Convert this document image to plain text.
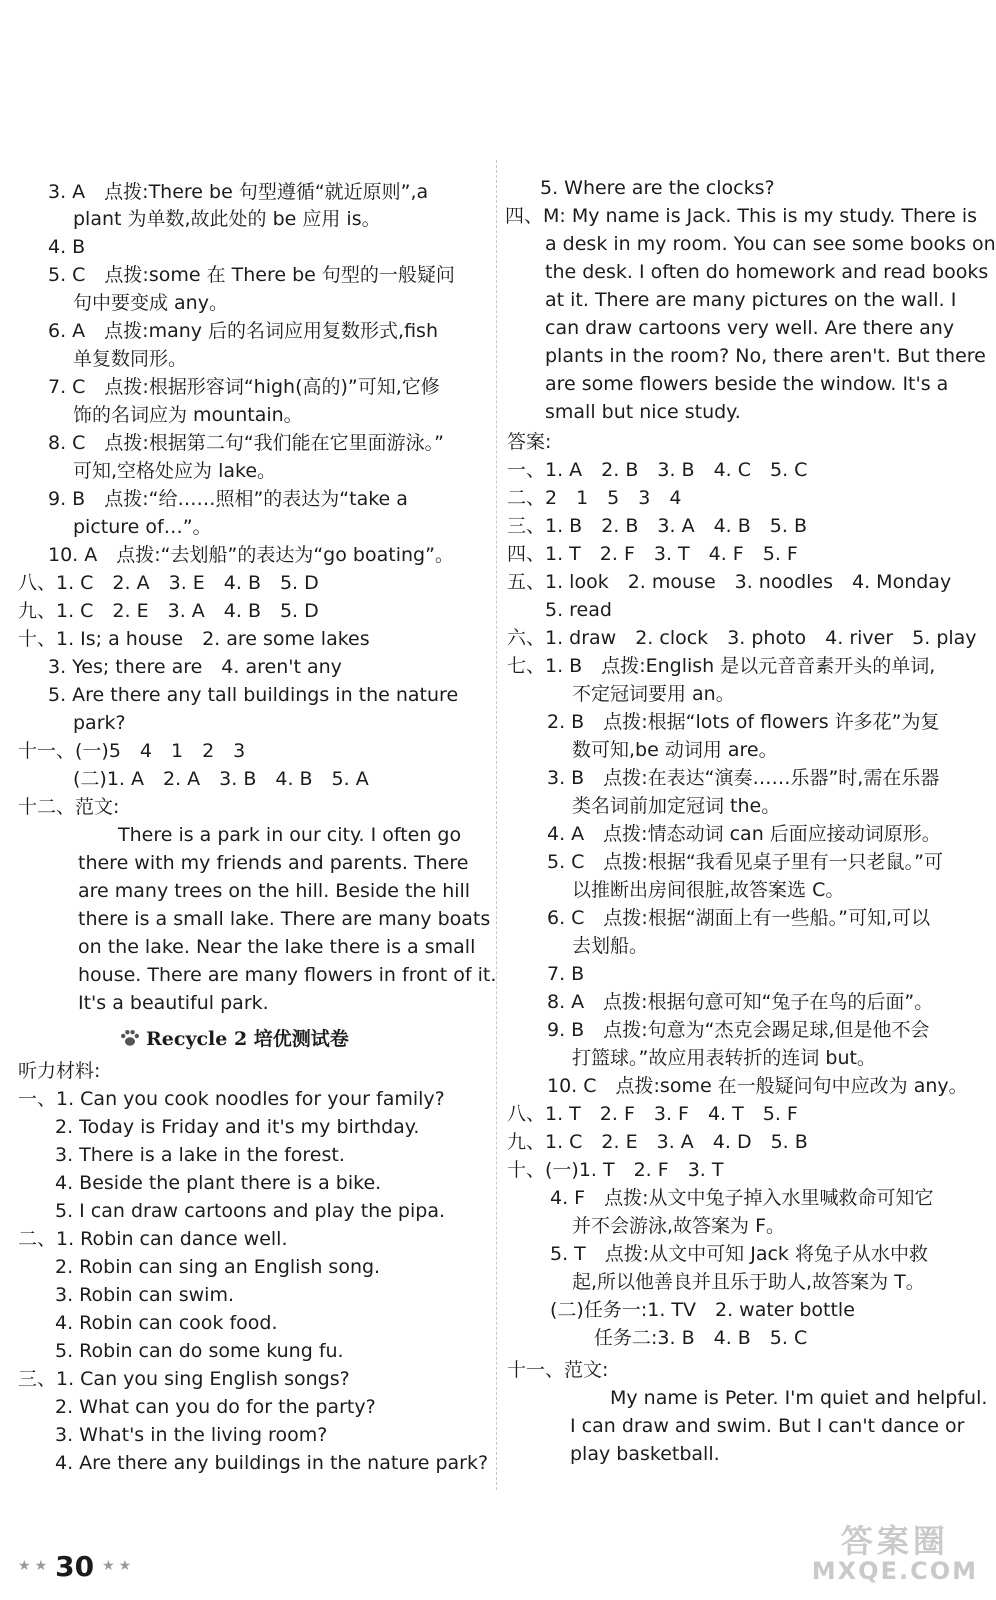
3. A　点拨:There be 句型遵循“就近原则”,a
plant 为单数,故此处的 be 应用 is。
4. B
5. C　点拨:some 在 There be 句型的一般疑问
句中要变成 any。
6. A　点拨:many 后的名词应用复数形式,fish
单复数同形。
7. C　点拨:根据形容词“high(高的)”可知,它修
饰的名词应为 mountain。
8. C　点拨:根据第二句“我们能在它里面游泳。”
可知,空格处应为 lake。
9. B　点拨:“给……照相”的表达为“take a
picture of…”。
10. A　点拨:“去划船”的表达为“go boating”。
八、1. C　2. A　3. E　4. B　5. D
九、1. C　2. E　3. A　4. B　5. D
十、1. Is; a house　2. are some lakes
3. Yes; there are　4. aren't any
5. Are there any tall buildings in the nature
park?
十一、(一)5　4　1　2　3
(二)1. A　2. A　3. B　4. B　5. A
十二、范文:
There is a park in our city. I often go
there with my friends and parents. There
are many trees on the hill. Beside the hill
there is a small lake. There are many boats
on the lake. Near the lake there is a small
house. There are many flowers in front of it.
It's a beautiful park.
听力材料:
一、1. Can you cook noodles for your family?
2. Today is Friday and it's my birthday.
3. There is a lake in the forest.
4. Beside the plant there is a bike.
5. I can draw cartoons and play the pipa.
二、1. Robin can dance well.
2. Robin can sing an English song.
3. Robin can swim.
4. Robin can cook food.
5. Robin can do some kung fu.
三、1. Can you sing English songs?
2. What can you do for the party?
3. What's in the living room?
4. Are there any buildings in the nature park?
5. Where are the clocks?
四、M: My name is Jack. This is my study. There is
a desk in my room. You can see some books on
the desk. I often do homework and read books
at it. There are many pictures on the wall. I
can draw cartoons very well. Are there any
plants in the room? No, there aren't. But there
are some flowers beside the window. It's a
small but nice study.
答案:
一、1. A　2. B　3. B　4. C　5. C
二、2　1　5　3　4
三、1. B　2. B　3. A　4. B　5. B
四、1. T　2. F　3. T　4. F　5. F
五、1. look　2. mouse　3. noodles　4. Monday
5. read
六、1. draw　2. clock　3. photo　4. river　5. play
七、1. B　点拨:English 是以元音音素开头的单词,
不定冠词要用 an。
2. B　点拨:根据“lots of flowers 许多花”为复
数可知,be 动词用 are。
3. B　点拨:在表达“演奏……乐器”时,需在乐器
类名词前加定冠词 the。
4. A　点拨:情态动词 can 后面应接动词原形。
5. C　点拨:根据“我看见桌子里有一只老鼠。”可
以推断出房间很脏,故答案选 C。
6. C　点拨:根据“湖面上有一些船。”可知,可以
去划船。
7. B
8. A　点拨:根据句意可知“兔子在鸟的后面”。
9. B　点拨:句意为“杰克会踢足球,但是他不会
打篮球。”故应用表转折的连词 but。
10. C　点拨:some 在一般疑问句中应改为 any。
八、1. T　2. F　3. F　4. T　5. F
九、1. C　2. E　3. A　4. D　5. B
十、(一)1. T　2. F　3. T
4. F　点拨:从文中兔子掉入水里喊救命可知它
并不会游泳,故答案为 F。
5. T　点拨:从文中可知 Jack 将兔子从水中救
起,所以他善良并且乐于助人,故答案为 T。
(二)任务一:1. TV　2. water bottle
任务二:3. B　4. B　5. C
十一、范文:
My name is Peter. I'm quiet and helpful.
I can draw and swim. But I can't dance or
play basketball.
Recycle 2 培优测试卷
★ ★ 30 ★ ★
答案圈
MXQE.COM
